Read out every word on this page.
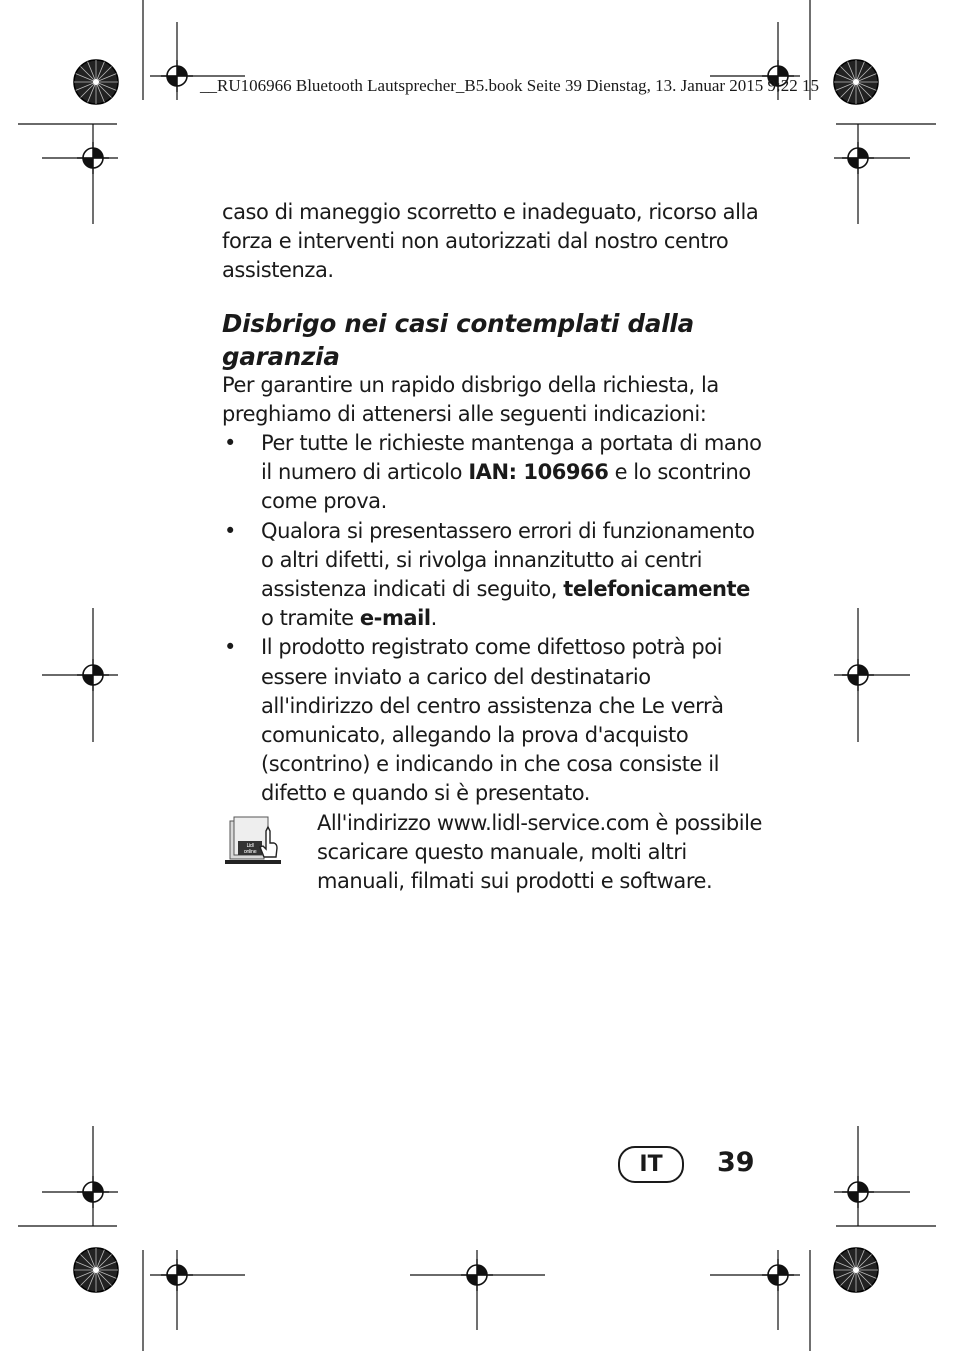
__RU106966 Bluetooth Lautsprecher_B5.book Seite 39 Dienstag, 13. Januar 2015 9:22 15

caso di maneggio scorretto e inadeguato, ricorso alla forza e interventi non autorizzati dal nostro centro assistenza.

Disbrigo nei casi contemplati dalla garanzia

Per garantire un rapido disbrigo della richiesta, la preghiamo di attenersi alle seguenti indicazioni:

• Per tutte le richieste mantenga a portata di mano il numero di articolo IAN: 106966 e lo scontrino come prova.
• Qualora si presentassero errori di funzionamento o altri difetti, si rivolga innanzitutto ai centri assistenza indicati di seguito, telefonicamente o tramite e-mail.
• Il prodotto registrato come difettoso potrà poi essere inviato a carico del destinatario all'indirizzo del centro assistenza che Le verrà comunicato, allegando la prova d'acquisto (scontrino) e indicando in che cosa consiste il difetto e quando si è presentato.
Lidl
online
All'indirizzo www.lidl-service.com è possibile scaricare questo manuale, molti altri manuali, filmati sui prodotti e software.
IT	39
